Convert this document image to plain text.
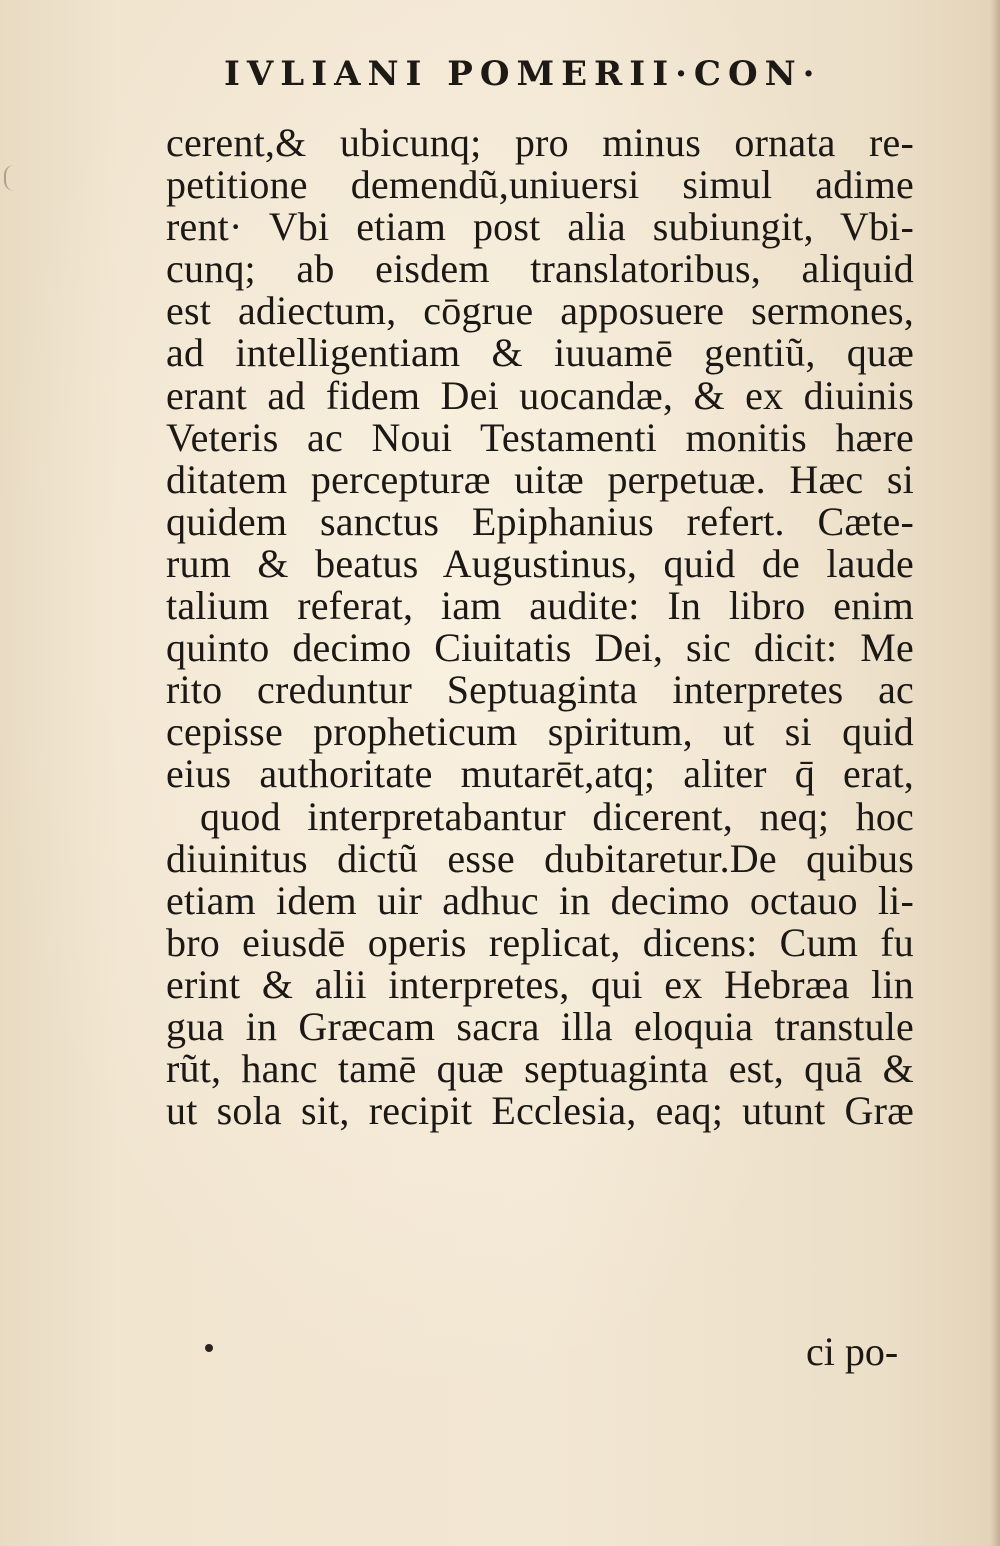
IVLIANI POMERII·CON·
cerent,& ubicunq; pro minus ornata re-
petitione demendũ,uniuersi simul adime
rent· Vbi etiam post alia subiungit, Vbi-
cunq; ab eisdem translatoribus, aliquid
est adiectum, cōgrue apposuere sermones,
ad intelligentiam & iuuamē gentiũ, quæ
erant ad fidem Dei uocandæ, & ex diuinis
Veteris ac Noui Testamenti monitis hære
ditatem percepturæ uitæ perpetuæ. Hæc si
quidem sanctus Epiphanius refert. Cæte-
rum & beatus Augustinus, quid de laude
talium referat, iam audite: In libro enim
quinto decimo Ciuitatis Dei, sic dicit: Me
rito creduntur Septuaginta interpretes ac
cepisse propheticum spiritum, ut si quid
eius authoritate mutarēt,atq; aliter q̄ erat,
quod interpretabantur dicerent, neq; hoc
diuinitus dictũ esse dubitaretur.De quibus
etiam idem uir adhuc in decimo octauo li-
bro eiusdē operis replicat, dicens: Cum fu
erint & alii interpretes, qui ex Hebræa lin
gua in Græcam sacra illa eloquia transtule
rũt, hanc tamē quæ septuaginta est, quā &
ut sola sit, recipit Ecclesia, eaq; utunt Græ

ci po-
